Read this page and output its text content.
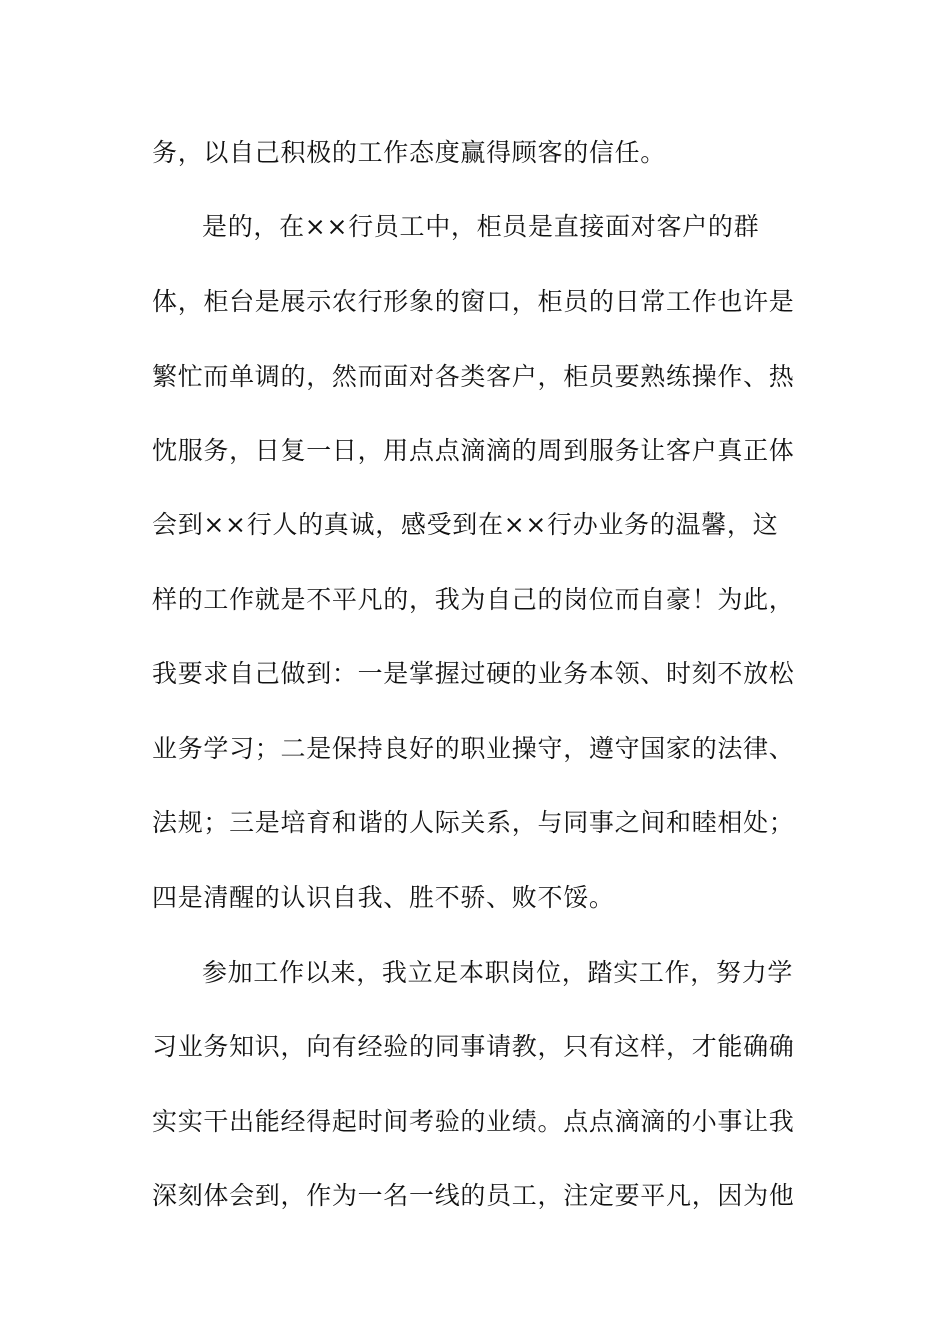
务，以自己积极的工作态度赢得顾客的信任。
是的，在××行员工中，柜员是直接面对客户的群
体，柜台是展示农行形象的窗口，柜员的日常工作也许是
繁忙而单调的，然而面对各类客户，柜员要熟练操作、热
忱服务，日复一日，用点点滴滴的周到服务让客户真正体
会到××行人的真诚，感受到在××行办业务的温馨，这
样的工作就是不平凡的，我为自己的岗位而自豪！为此，
我要求自己做到：一是掌握过硬的业务本领、时刻不放松
业务学习；二是保持良好的职业操守，遵守国家的法律、
法规；三是培育和谐的人际关系，与同事之间和睦相处；
四是清醒的认识自我、胜不骄、败不馁。
参加工作以来，我立足本职岗位，踏实工作，努力学
习业务知识，向有经验的同事请教，只有这样，才能确确
实实干出能经得起时间考验的业绩。点点滴滴的小事让我
深刻体会到，作为一名一线的员工，注定要平凡，因为他
